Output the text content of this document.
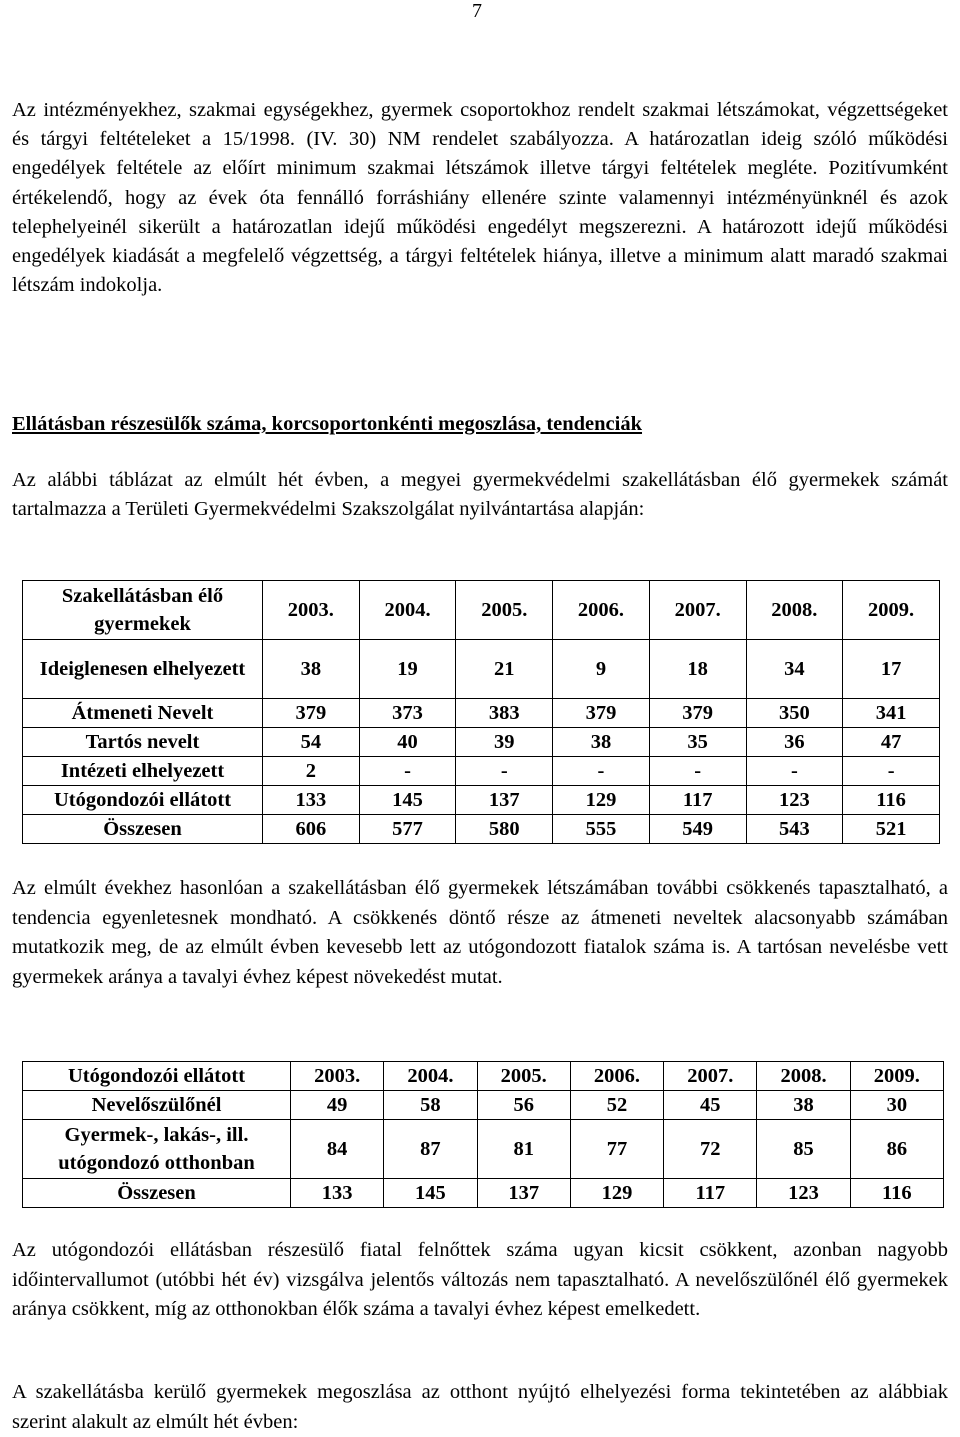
7

Az intézményekhez, szakmai egységekhez, gyermek csoportokhoz rendelt szakmai létszámokat, végzettségeket és tárgyi feltételeket a 15/1998. (IV. 30) NM rendelet szabályozza. A határozatlan ideig szóló működési engedélyek feltétele az előírt minimum szakmai létszámok illetve tárgyi feltételek megléte. Pozitívumként értékelendő, hogy az évek óta fennálló forráshiány ellenére szinte valamennyi intézményünknél és azok telephelyeinél sikerült a határozatlan idejű működési engedélyt megszerezni. A határozott idejű működési engedélyek kiadását a megfelelő végzettség, a tárgyi feltételek hiánya, illetve a minimum alatt maradó szakmai létszám indokolja.

Ellátásban részesülők száma, korcsoportonkénti megoszlása, tendenciák

Az alábbi táblázat az elmúlt hét évben, a megyei gyermekvédelmi szakellátásban élő gyermekek számát tartalmazza a Területi Gyermekvédelmi Szakszolgálat nyilvántartása alapján:

Szakellátásban élő gyermekek	2003.	2004.	2005.	2006.	2007.	2008.	2009.
Ideiglenesen elhelyezett	38	19	21	9	18	34	17
Átmeneti Nevelt	379	373	383	379	379	350	341
Tartós nevelt	54	40	39	38	35	36	47
Intézeti elhelyezett	2	-	-	-	-	-	-
Utógondozói ellátott	133	145	137	129	117	123	116
Összesen	606	577	580	555	549	543	521

Az elmúlt évekhez hasonlóan a szakellátásban élő gyermekek létszámában további csökkenés tapasztalható, a tendencia egyenletesnek mondható. A csökkenés döntő része az átmeneti neveltek alacsonyabb számában mutatkozik meg, de az elmúlt évben kevesebb lett az utógondozott fiatalok száma is. A tartósan nevelésbe vett gyermekek aránya a tavalyi évhez képest növekedést mutat.

Utógondozói ellátott	2003.	2004.	2005.	2006.	2007.	2008.	2009.
Nevelőszülőnél	49	58	56	52	45	38	30
Gyermek-, lakás-, ill. utógondozó otthonban	84	87	81	77	72	85	86
Összesen	133	145	137	129	117	123	116

Az utógondozói ellátásban részesülő fiatal felnőttek száma ugyan kicsit csökkent, azonban nagyobb időintervallumot (utóbbi hét év) vizsgálva jelentős változás nem tapasztalható. A nevelőszülőnél élő gyermekek aránya csökkent, míg az otthonokban élők száma a tavalyi évhez képest emelkedett.

A szakellátásba kerülő gyermekek megoszlása az otthont nyújtó elhelyezési forma tekintetében az alábbiak szerint alakult az elmúlt hét évben:
